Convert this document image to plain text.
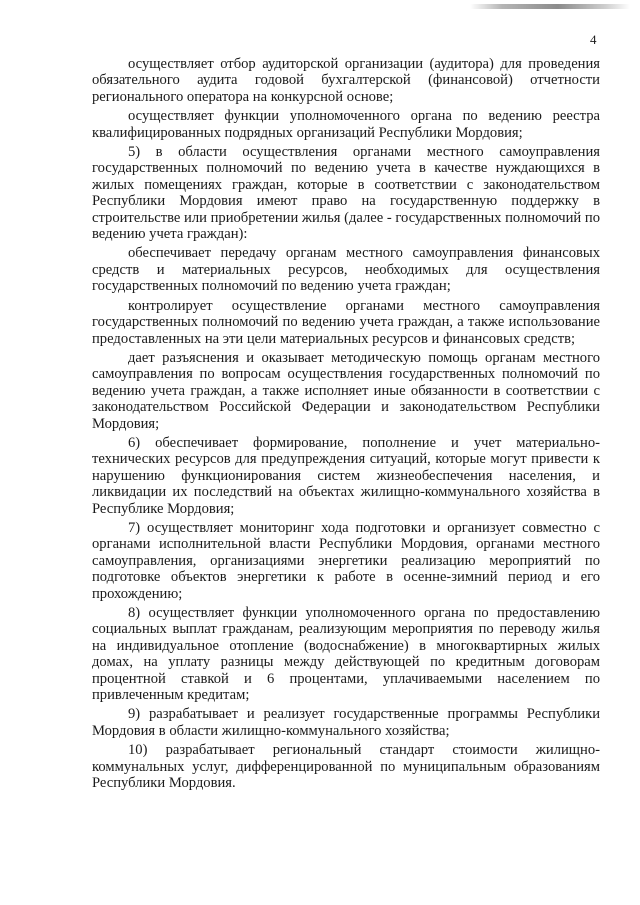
4

осуществляет отбор аудиторской организации (аудитора) для проведения обязательного аудита годовой бухгалтерской (финансовой) отчетности регионального оператора на конкурсной основе;

осуществляет функции уполномоченного органа по ведению реестра квалифицированных подрядных организаций Республики Мордовия;

5) в области осуществления органами местного самоуправления государственных полномочий по ведению учета в качестве нуждающихся в жилых помещениях граждан, которые в соответствии с законодательством Республики Мордовия имеют право на государственную поддержку в строительстве или приобретении жилья (далее - государственных полномочий по ведению учета граждан):

обеспечивает передачу органам местного самоуправления финансовых средств и материальных ресурсов, необходимых для осуществления государственных полномочий по ведению учета граждан;

контролирует осуществление органами местного самоуправления государственных полномочий по ведению учета граждан, а также использование предоставленных на эти цели материальных ресурсов и финансовых средств;

дает разъяснения и оказывает методическую помощь органам местного самоуправления по вопросам осуществления государственных полномочий по ведению учета граждан, а также исполняет иные обязанности в соответствии с законодательством Российской Федерации и законодательством Республики Мордовия;

6) обеспечивает формирование, пополнение и учет материально-технических ресурсов для предупреждения ситуаций, которые могут привести к нарушению функционирования систем жизнеобеспечения населения, и ликвидации их последствий на объектах жилищно-коммунального хозяйства в Республике Мордовия;

7) осуществляет мониторинг хода подготовки и организует совместно с органами исполнительной власти Республики Мордовия, органами местного самоуправления, организациями энергетики реализацию мероприятий по подготовке объектов энергетики к работе в осенне-зимний период и его прохождению;

8) осуществляет функции уполномоченного органа по предоставлению социальных выплат гражданам, реализующим мероприятия по переводу жилья на индивидуальное отопление (водоснабжение) в многоквартирных жилых домах, на уплату разницы между действующей по кредитным договорам процентной ставкой и 6 процентами, уплачиваемыми населением по привлеченным кредитам;

9) разрабатывает и реализует государственные программы Республики Мордовия в области жилищно-коммунального хозяйства;

10) разрабатывает региональный стандарт стоимости жилищно-коммунальных услуг, дифференцированной по муниципальным образованиям Республики Мордовия.
